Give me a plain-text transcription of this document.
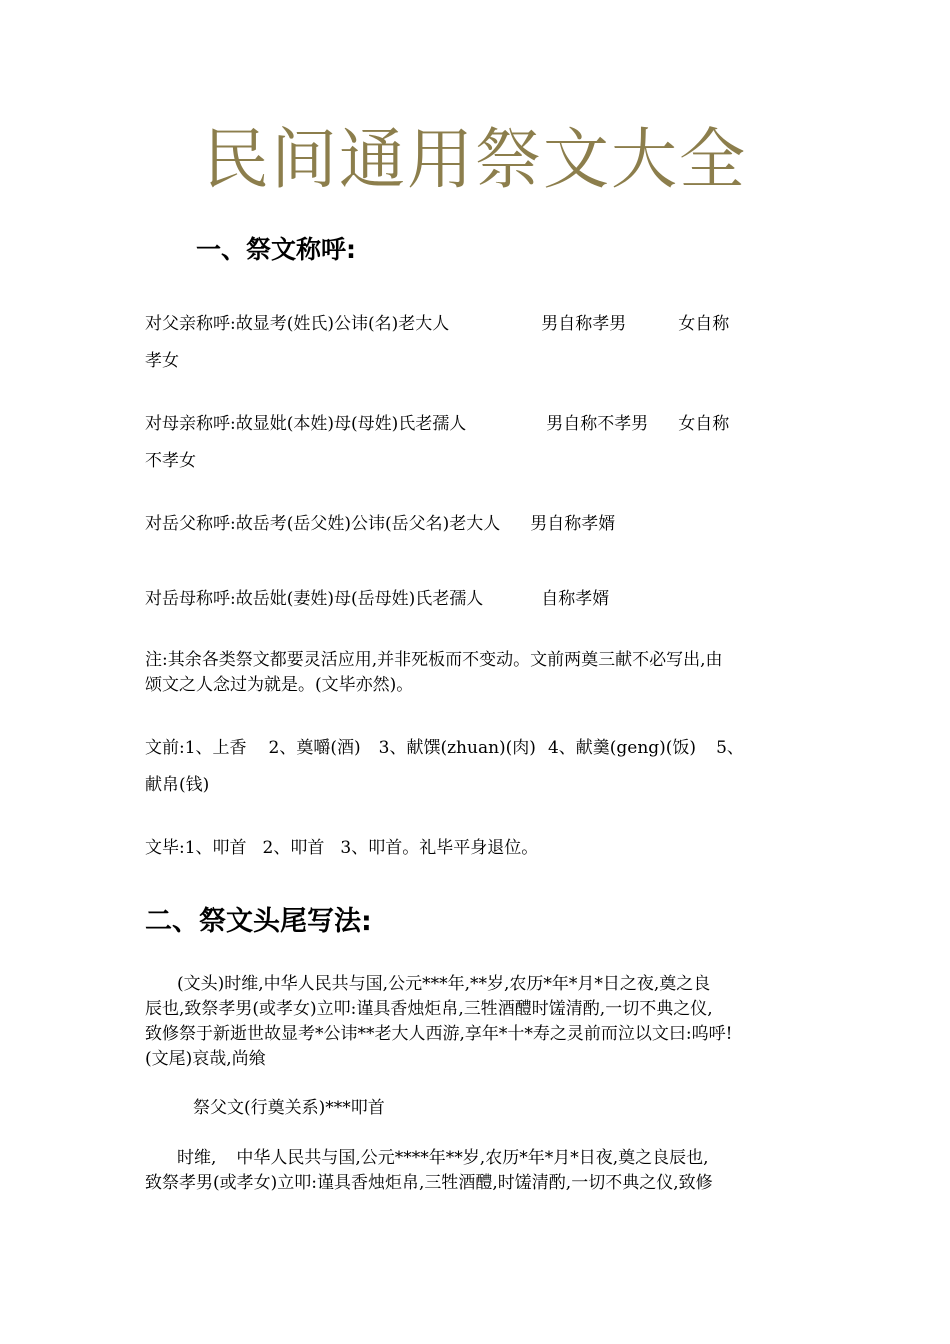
民间通用祭文大全
一、祭文称呼:
对父亲称呼:故显考(姓氏)公讳(名)老大人	男自称孝男	女自称
孝女
对母亲称呼:故显妣(本姓)母(母姓)氏老孺人	男自称不孝男 女自称
不孝女
对岳父称呼:故岳考(岳父姓)公讳(岳父名)老大人 男自称孝婿
对岳母称呼:故岳妣(妻姓)母(岳母姓)氏老孺人	自称孝婿
注:其余各类祭文都要灵活应用,并非死板而不变动。文前两奠三献不必写出,由
颂文之人念过为就是。(文毕亦然)。
文前:1、上香 2、奠嚼(酒) 3、献馔(zhuan)(肉) 4、献羹(geng)(饭) 5、
献帛(钱)
文毕:1、叩首 2、叩首 3、叩首。礼毕平身退位。
二、祭文头尾写法:
(文头)时维,中华人民共与国,公元***年,**岁,农历*年*月*日之夜,奠之良
辰也,致祭孝男(或孝女)立叩:谨具香烛炬帛,三牲酒醴时馐清酌,一切不典之仪,
致修祭于新逝世故显考*公讳**老大人西游,享年*十*寿之灵前而泣以文曰:呜呼!
(文尾)哀哉,尚飨
祭父文(行奠关系)***叩首
时维, 中华人民共与国,公元****年**岁,农历*年*月*日夜,奠之良辰也,
致祭孝男(或孝女)立叩:谨具香烛炬帛,三牲酒醴,时馐清酌,一切不典之仪,致修
